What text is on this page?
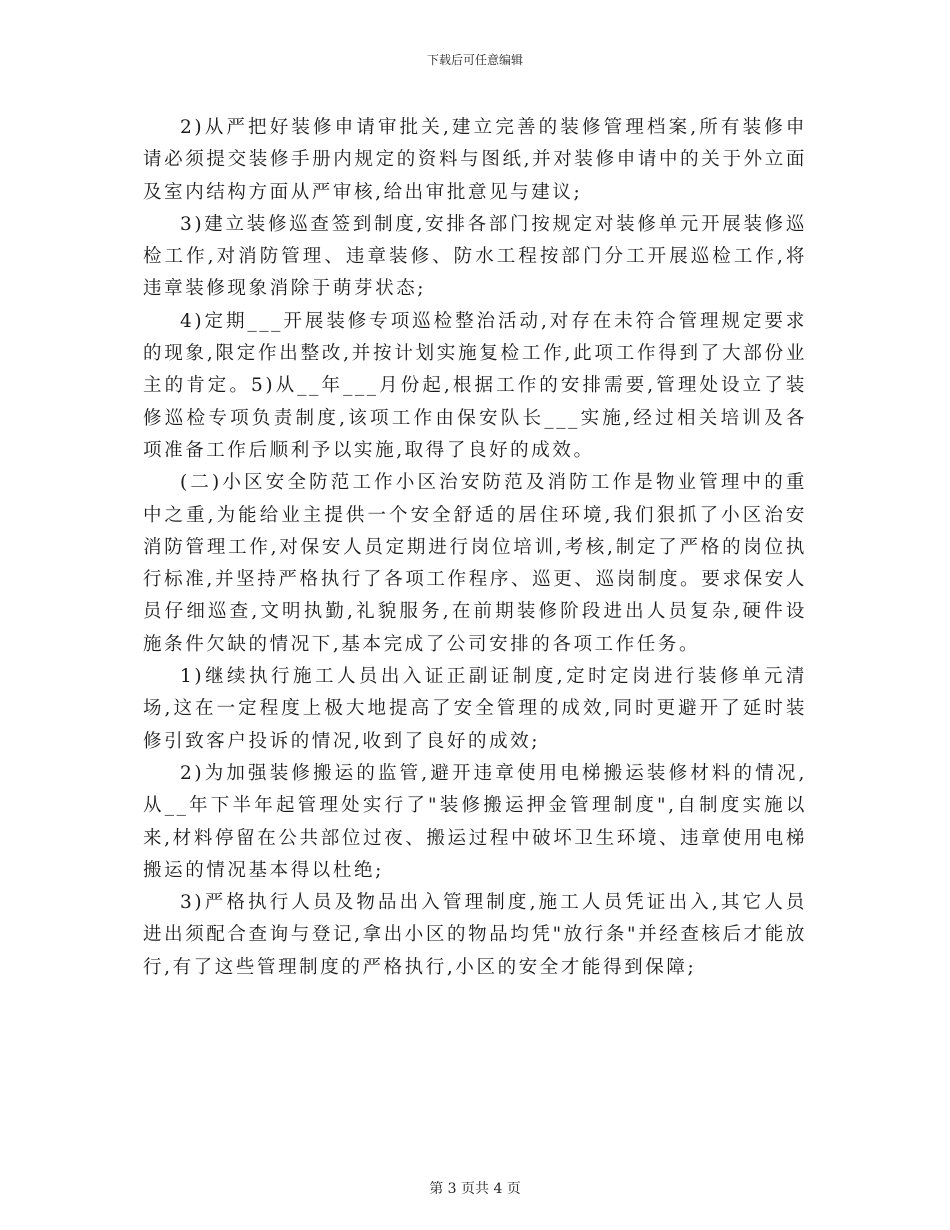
下载后可任意编辑

2)从严把好装修申请审批关,建立完善的装修管理档案,所有装修申请必须提交装修手册内规定的资料与图纸,并对装修申请中的关于外立面及室内结构方面从严审核,给出审批意见与建议;

3)建立装修巡查签到制度,安排各部门按规定对装修单元开展装修巡检工作,对消防管理、违章装修、防水工程按部门分工开展巡检工作,将违章装修现象消除于萌芽状态;

4)定期___开展装修专项巡检整治活动,对存在未符合管理规定要求的现象,限定作出整改,并按计划实施复检工作,此项工作得到了大部份业主的肯定。5)从__年___月份起,根据工作的安排需要,管理处设立了装修巡检专项负责制度,该项工作由保安队长___实施,经过相关培训及各项准备工作后顺利予以实施,取得了良好的成效。

(二)小区安全防范工作小区治安防范及消防工作是物业管理中的重中之重,为能给业主提供一个安全舒适的居住环境,我们狠抓了小区治安消防管理工作,对保安人员定期进行岗位培训,考核,制定了严格的岗位执行标准,并坚持严格执行了各项工作程序、巡更、巡岗制度。要求保安人员仔细巡查,文明执勤,礼貌服务,在前期装修阶段进出人员复杂,硬件设施条件欠缺的情况下,基本完成了公司安排的各项工作任务。

1)继续执行施工人员出入证正副证制度,定时定岗进行装修单元清场,这在一定程度上极大地提高了安全管理的成效,同时更避开了延时装修引致客户投诉的情况,收到了良好的成效;

2)为加强装修搬运的监管,避开违章使用电梯搬运装修材料的情况,从__年下半年起管理处实行了"装修搬运押金管理制度",自制度实施以来,材料停留在公共部位过夜、搬运过程中破坏卫生环境、违章使用电梯搬运的情况基本得以杜绝;

3)严格执行人员及物品出入管理制度,施工人员凭证出入,其它人员进出须配合查询与登记,拿出小区的物品均凭"放行条"并经查核后才能放行,有了这些管理制度的严格执行,小区的安全才能得到保障;

第 3 页共 4 页
